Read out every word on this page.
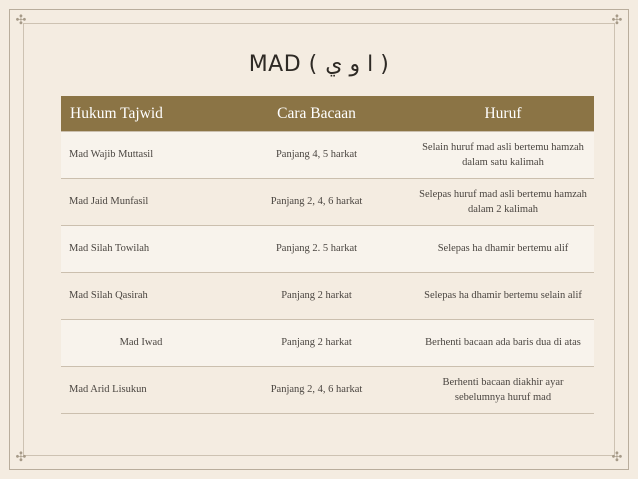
✣	✣
✣	✣
MAD ( ا و ي )
Hukum Tajwid	Cara Bacaan	Huruf
Mad Wajib Muttasil	Panjang 4, 5 harkat	Selain huruf mad asli bertemu hamzah dalam satu kalimah
Mad Jaid Munfasil	Panjang 2, 4, 6 harkat	Selepas huruf mad asli bertemu hamzah dalam 2 kalimah
Mad Silah Towilah	Panjang 2. 5 harkat	Selepas ha dhamir bertemu alif
Mad Silah Qasirah	Panjang 2 harkat	Selepas ha dhamir bertemu selain alif
Mad Iwad	Panjang 2 harkat	Berhenti bacaan ada baris dua di atas
Mad Arid Lisukun	Panjang 2, 4, 6 harkat	Berhenti bacaan diakhir ayar sebelumnya huruf mad
